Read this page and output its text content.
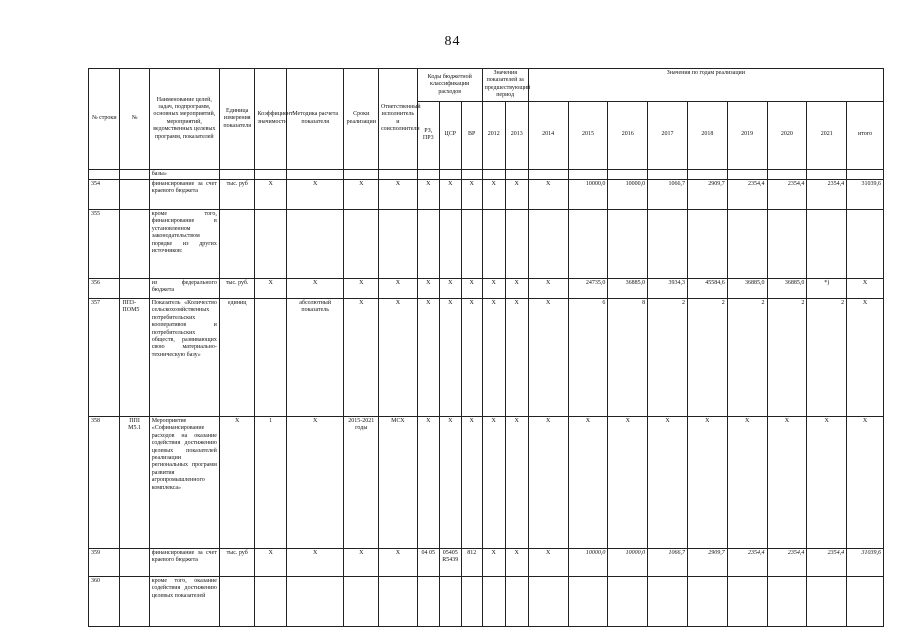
84
№ строки	№	Наименование целей, задач, подпрограмм, основных мероприятий, мероприятий, ведомственных целевых программ, показателей	Единица измерения показателя	Коэффициент значимости	Методика расчета показателя	Сроки реализации	Ответственный исполнитель и соисполнители	Коды бюджетной классификации расходов			Значения показателей за предшествующий период		Значения по годам реализации								
								РЗ, ПР3	ЦСР	ВР	2012	2013	2014	2015	2016	2017	2018	2019	2020	2021	итого
		базы»																			
354		финансирование за счет краевого бюджета	тыс. руб	X	X	X	X	X	X	X	X	X	X	10000,0	10000,0	1066,7	2909,7	2354,4	2354,4	2354,4	31039,6
355		кроме того, финансирование в установленном законодательством порядке из других источников:																			
356		из федерального бюджета	тыс. руб.	X	X	X	X	X	X	X	X	X	X	24735,0	36885,0	3934,3	45584,6	36885,0	36885,0	*)	X
357	ПП3-ПОМ5	Показатель «Количество сельскохозяйственных потребительских кооперативов и потребительских обществ, развивающих свою материально-техническую базу»	единиц		абсолютный показатель	X	X	X	X	X	X	X	X	6	8	2	2	2	2	2	X
358	ППI М5.1	Мероприятие «Софинансирование расходов на оказание содействия достижению целевых показателей реализации региональных программ развития агропромышленного комплекса»	X	1	X	2015-2021 годы	МСХ	X	X	X	X	X	X	X	X	X	X	X	X	X	X
359		финансирование за счет краевого бюджета	тыс. руб	X	X	X	X	04 05	05405 R5439	812	X	X	X	10000,0	10000,0	1066,7	2909,7	2354,4	2354,4	2354,4	31039,6
360		кроме того, оказание содействия достижению целевых показателей																			
